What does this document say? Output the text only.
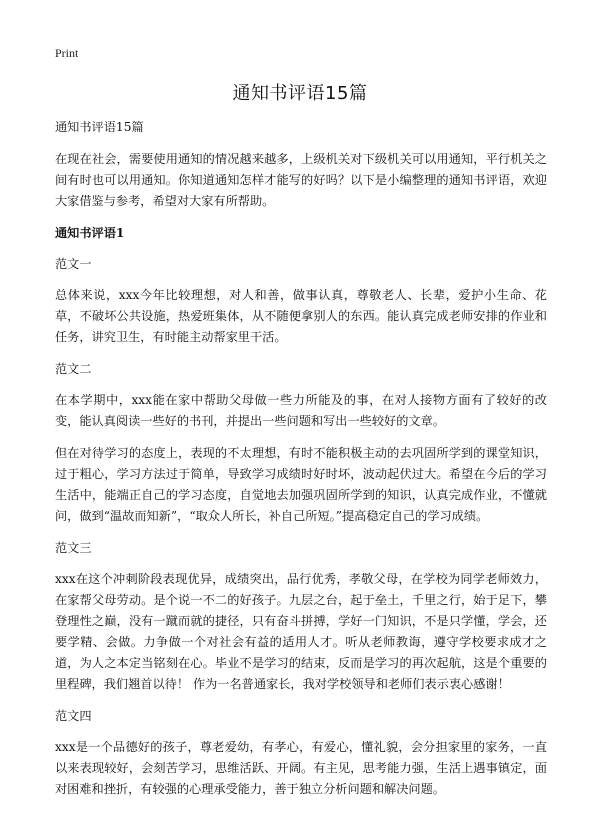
Print
通知书评语15篇

通知书评语15篇

在现在社会，需要使用通知的情况越来越多，上级机关对下级机关可以用通知，平行机关之间有时也可以用通知。你知道通知怎样才能写的好吗？以下是小编整理的通知书评语，欢迎大家借鉴与参考，希望对大家有所帮助。

通知书评语1

范文一

总体来说，xxx今年比较理想，对人和善，做事认真，尊敬老人、长辈，爱护小生命、花草，不破坏公共设施，热爱班集体，从不随便拿别人的东西。能认真完成老师安排的作业和任务，讲究卫生，有时能主动帮家里干活。

范文二

在本学期中，xxx能在家中帮助父母做一些力所能及的事，在对人接物方面有了较好的改变，能认真阅读一些好的书刊，并提出一些问题和写出一些较好的文章。

但在对待学习的态度上，表现的不太理想，有时不能积极主动的去巩固所学到的课堂知识，过于粗心，学习方法过于简单，导致学习成绩时好时坏，波动起伏过大。希望在今后的学习生活中，能端正自己的学习态度，自觉地去加强巩固所学到的知识，认真完成作业，不懂就问，做到“温故而知新”，“取众人所长，补自己所短。”提高稳定自己的学习成绩。

范文三

xxx在这个冲刺阶段表现优异，成绩突出，品行优秀，孝敬父母，在学校为同学老师效力，在家帮父母劳动。是个说一不二的好孩子。九层之台，起于垒土，千里之行，始于足下，攀登理性之巅，没有一蹴而就的捷径，只有奋斗拼搏，学好一门知识，不是只学懂，学会，还要学精、会做。力争做一个对社会有益的适用人才。听从老师教诲，遵守学校要求成才之道，为人之本定当铭刻在心。毕业不是学习的结束，反而是学习的再次起航，这是个重要的里程碑，我们翘首以待！ 作为一名普通家长，我对学校领导和老师们表示衷心感谢！

范文四

xxx是一个品德好的孩子，尊老爱幼，有孝心，有爱心，懂礼貌，会分担家里的家务，一直以来表现较好，会刻苦学习，思维活跃、开阔。有主见，思考能力强，生活上遇事镇定，面对困难和挫折，有较强的心理承受能力，善于独立分析问题和解决问题。
